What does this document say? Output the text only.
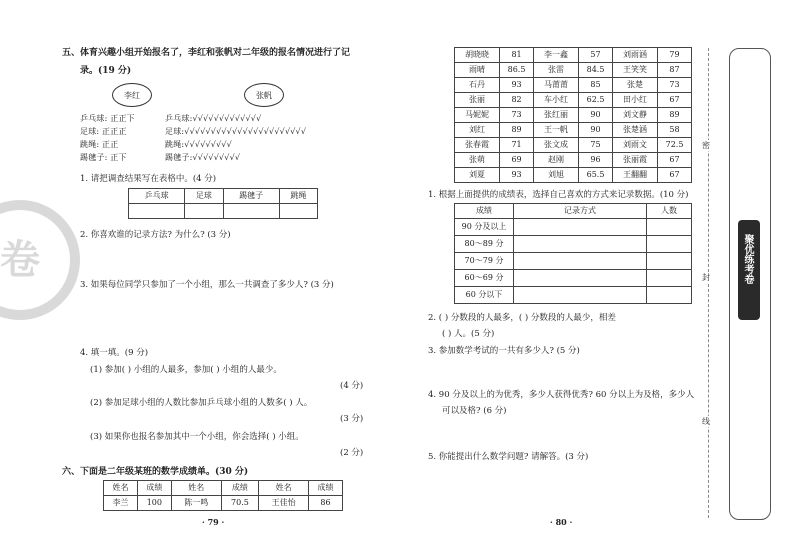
卷
五、体育兴趣小组开始报名了，李红和张帆对二年级的报名情况进行了记
录。(19 分)
李红	张帆
乒乓球: 正正下
足球: 正正正
跳绳: 正正
踢毽子: 正下
乒乓球:√√√√√√√√√√√√√
足球:√√√√√√√√√√√√√√√√√√√√√√√
跳绳:√√√√√√√√√
踢毽子:√√√√√√√√√
1. 请把调查结果写在表格中。(4 分)
乒乓球	足球	踢毽子	跳绳

2. 你喜欢谁的记录方法? 为什么? (3 分)
3. 如果每位同学只参加了一个小组，那么一共调查了多少人? (3 分)
4. 填一填。(9 分)
(1) 参加( ) 小组的人最多，参加( ) 小组的人最少。
(4 分)
(2) 参加足球小组的人数比参加乒乓球小组的人数多( ) 人。
(3 分)
(3) 如果你也报名参加其中一个小组，你会选择( ) 小组。
(2 分)
六、下面是二年级某班的数学成绩单。(30 分)
姓名	成绩	姓名	成绩	姓名	成绩
李兰	100	陈一鸣	70.5	王佳怡	86
· 79 ·
胡晓晓	81	李一鑫	57	刘雨涵	79
雨晴	86.5	张雷	84.5	王笑笑	87
石丹	93	马莆莆	85	张楚	73
张丽	82	车小红	62.5	田小红	67
马妮妮	73	张红丽	90	刘文静	89
刘红	89	王一帆	90	张楚涵	58
张春霞	71	张文成	75	刘雨文	72.5
张萌	69	赵刚	96	张丽霞	67
刘夏	93	刘旭	65.5	王翻翻	67
1. 根据上面提供的成绩表，选择自己喜欢的方式来记录数据。(10 分)
成绩	记录方式	人数
90 分及以上		
80～89 分		
70～79 分		
60～69 分		
60 分以下		
2. ( ) 分数段的人最多，( ) 分数段的人最少，相差
( ) 人。(5 分)
3. 参加数学考试的一共有多少人? (5 分)
4. 90 分及以上的为优秀，多少人获得优秀? 60 分以上为及格，多少人
可以及格? (6 分)
5. 你能提出什么数学问题? 请解答。(3 分)
· 80 ·
密
封
线
聚优练考卷
